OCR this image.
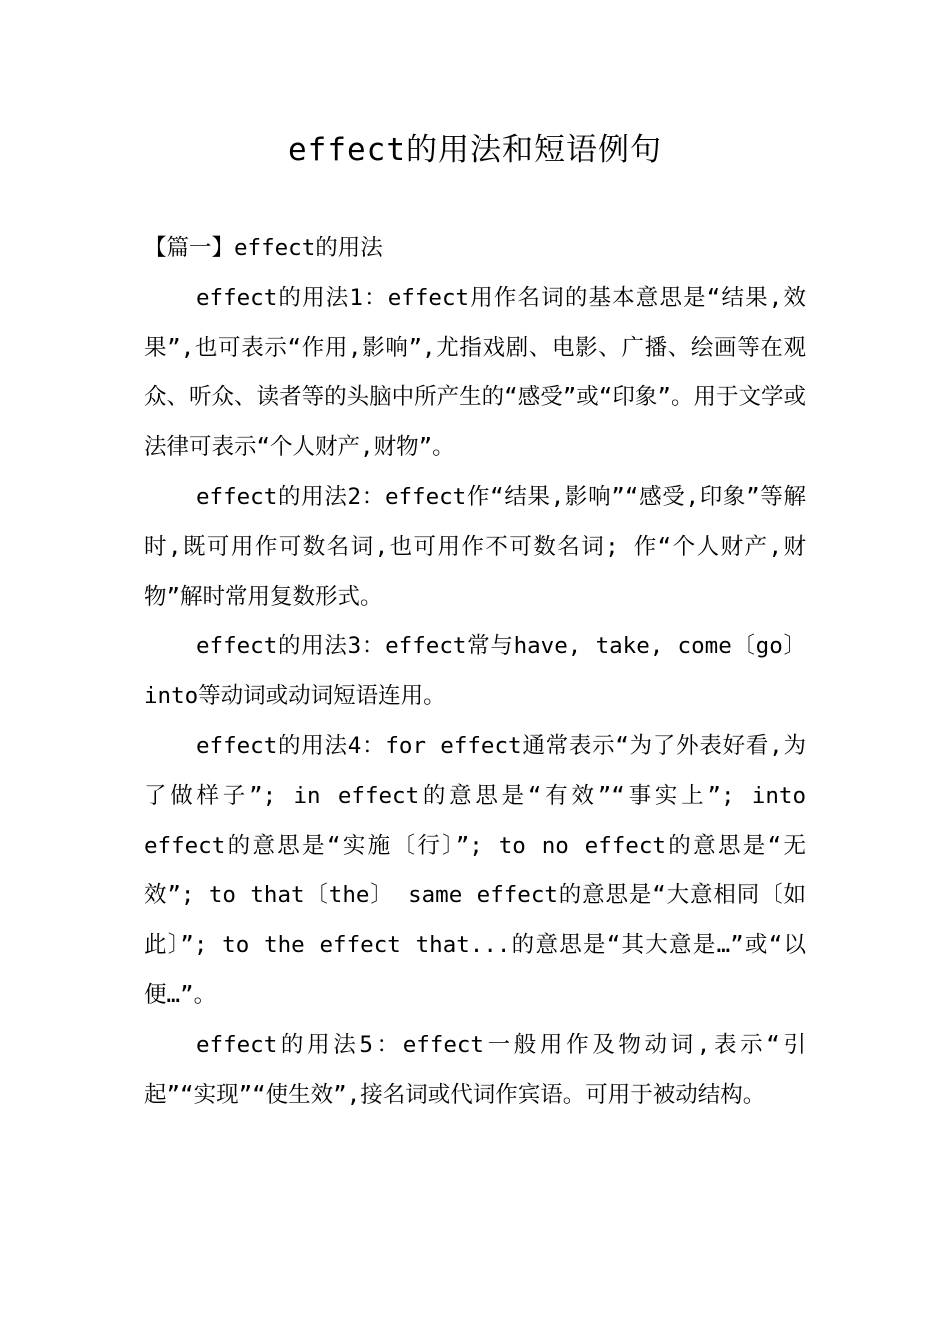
effect的用法和短语例句

【篇一】effect的用法

effect的用法1：effect用作名词的基本意思是“结果,效果”,也可表示“作用,影响”,尤指戏剧、电影、广播、绘画等在观众、听众、读者等的头脑中所产生的“感受”或“印象”。用于文学或法律可表示“个人财产,财物”。

effect的用法2：effect作“结果,影响”“感受,印象”等解时,既可用作可数名词,也可用作不可数名词; 作“个人财产,财物”解时常用复数形式。

effect的用法3：effect常与have, take, come〔go〕 into等动词或动词短语连用。

effect的用法4：for effect通常表示“为了外表好看,为了做样子”; in effect的意思是“有效”“事实上”; into effect的意思是“实施〔行〕”; to no effect的意思是“无效”; to that〔the〕 same effect的意思是“大意相同〔如此〕”; to the effect that...的意思是“其大意是…”或“以便…”。

effect的用法5：effect一般用作及物动词,表示“引起”“实现”“使生效”,接名词或代词作宾语。可用于被动结构。
